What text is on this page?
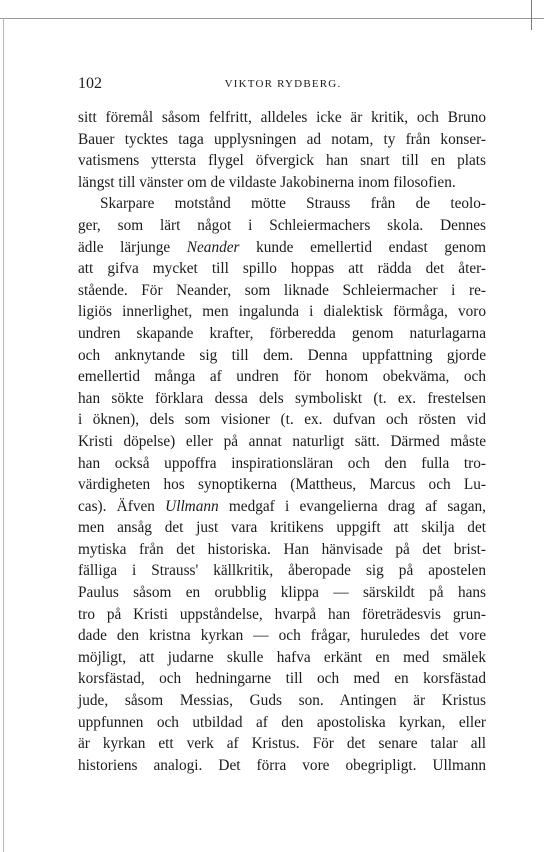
102	VIKTOR RYDBERG.
sitt föremål såsom felfritt, alldeles icke är kritik, och Bruno
Bauer tycktes taga upplysningen ad notam, ty från konser-
vatismens yttersta flygel öfvergick han snart till en plats
längst till vänster om de vildaste Jakobinerna inom filosofien.
Skarpare motstånd mötte Strauss från de teolo-
ger, som lärt något i Schleiermachers skola. Dennes
ädle lärjunge Neander kunde emellertid endast genom
att gifva mycket till spillo hoppas att rädda det åter-
stående. För Neander, som liknade Schleiermacher i re-
ligiös innerlighet, men ingalunda i dialektisk förmåga, voro
undren skapande krafter, förberedda genom naturlagarna
och anknytande sig till dem. Denna uppfattning gjorde
emellertid många af undren för honom obekväma, och
han sökte förklara dessa dels symboliskt (t. ex. frestelsen
i öknen), dels som visioner (t. ex. dufvan och rösten vid
Kristi döpelse) eller på annat naturligt sätt. Därmed måste
han också uppoffra inspirationsläran och den fulla tro-
värdigheten hos synoptikerna (Mattheus, Marcus och Lu-
cas). Äfven Ullmann medgaf i evangelierna drag af sagan,
men ansåg det just vara kritikens uppgift att skilja det
mytiska från det historiska. Han hänvisade på det brist-
fälliga i Strauss' källkritik, åberopade sig på apostelen
Paulus såsom en orubblig klippa — särskildt på hans
tro på Kristi uppståndelse, hvarpå han företrädesvis grun-
dade den kristna kyrkan — och frågar, huruledes det vore
möjligt, att judarne skulle hafva erkänt en med smälek
korsfästad, och hedningarne till och med en korsfästad
jude, såsom Messias, Guds son. Antingen är Kristus
uppfunnen och utbildad af den apostoliska kyrkan, eller
är kyrkan ett verk af Kristus. För det senare talar all
historiens analogi. Det förra vore obegripligt. Ullmann
